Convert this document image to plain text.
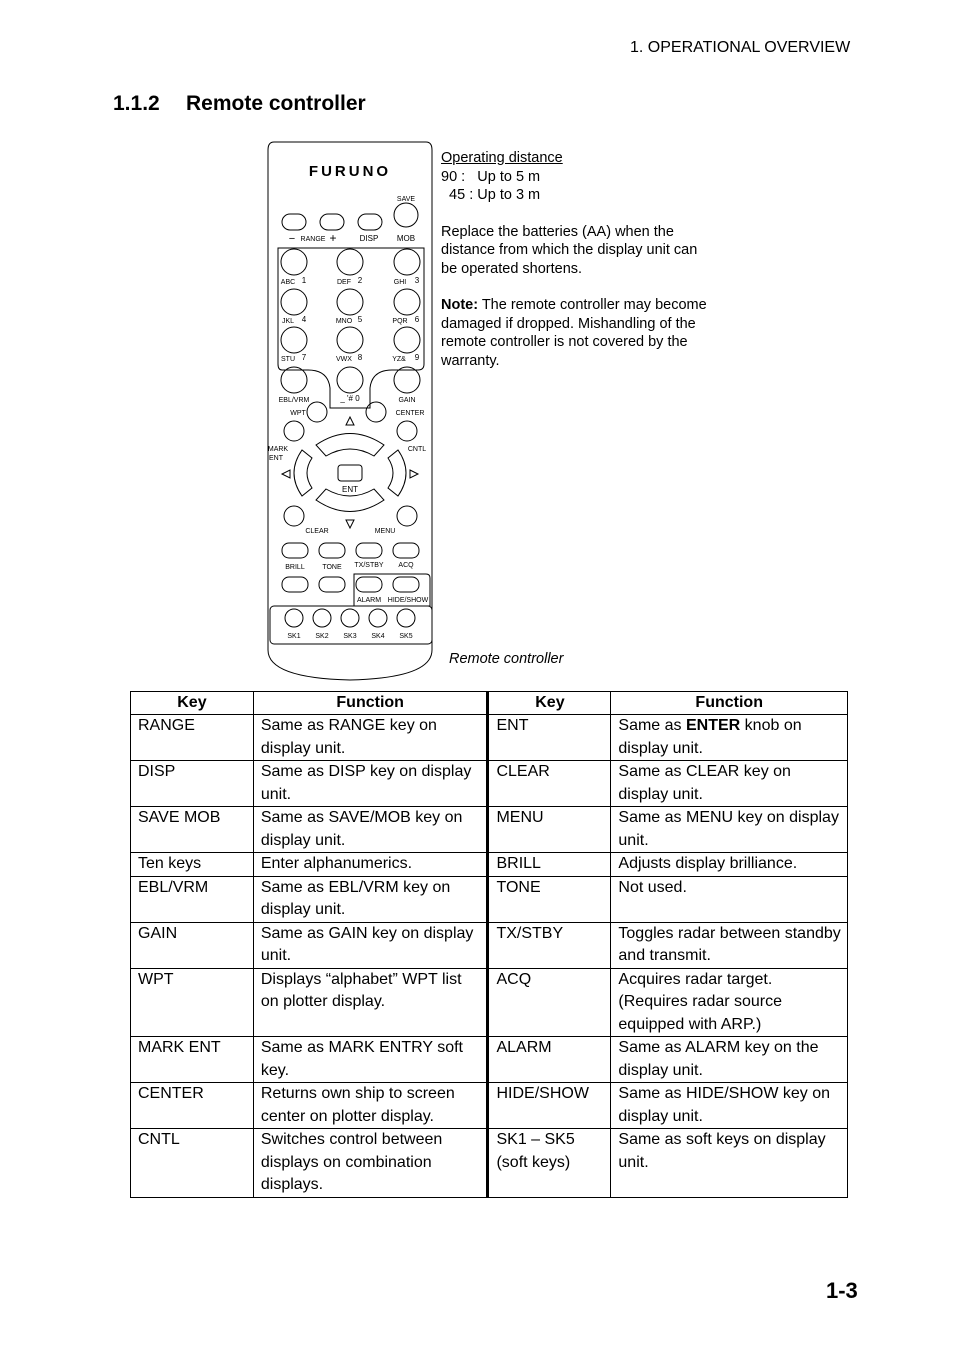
1. OPERATIONAL OVERVIEW
1.1.2 Remote controller
FURUNO
SAVE
− RANGE +	DISP MOB
ABC 1	DEF 2	GHI 3
JKL 4	MNO 5	PQR 6
STU 7	VWX 8	YZ& 9
EBL/VRM	_ '# 0	GAIN
WPT	CENTER
MARK
ENT
CNTL
ENT
CLEAR	MENU
BRILL	TONE TX/STBY ACQ
ALARM HIDE/SHOW
SK1 SK2 SK3 SK4 SK5

Operating distance

90 :   Up to 5 m

45 : Up to 3 m

Replace the batteries (AA) when the distance from which the display unit can be operated shortens.

Note: The remote controller may become damaged if dropped. Mishandling of the remote controller is not covered by the warranty.

Remote controller
Key	Function	Key	Function
RANGE	Same as RANGE key on display unit.	ENT	Same as ENTER knob on display unit.
DISP	Same as DISP key on display unit.	CLEAR	Same as CLEAR key on display unit.
SAVE MOB	Same as SAVE/MOB key on display unit.	MENU	Same as MENU key on display unit.
Ten keys	Enter alphanumerics.	BRILL	Adjusts display brilliance.
EBL/VRM	Same as EBL/VRM key on display unit.	TONE	Not used.
GAIN	Same as GAIN key on display unit.	TX/STBY	Toggles radar between standby and transmit.
WPT	Displays “alphabet” WPT list on plotter display.	ACQ	Acquires radar target. (Requires radar source equipped with ARP.)
MARK ENT	Same as MARK ENTRY soft key.	ALARM	Same as ALARM key on the display unit.
CENTER	Returns own ship to screen center on plotter display.	HIDE/SHOW	Same as HIDE/SHOW key on display unit.
CNTL	Switches control between displays on combination displays.	SK1 – SK5 (soft keys)	Same as soft keys on display unit.
1-3
